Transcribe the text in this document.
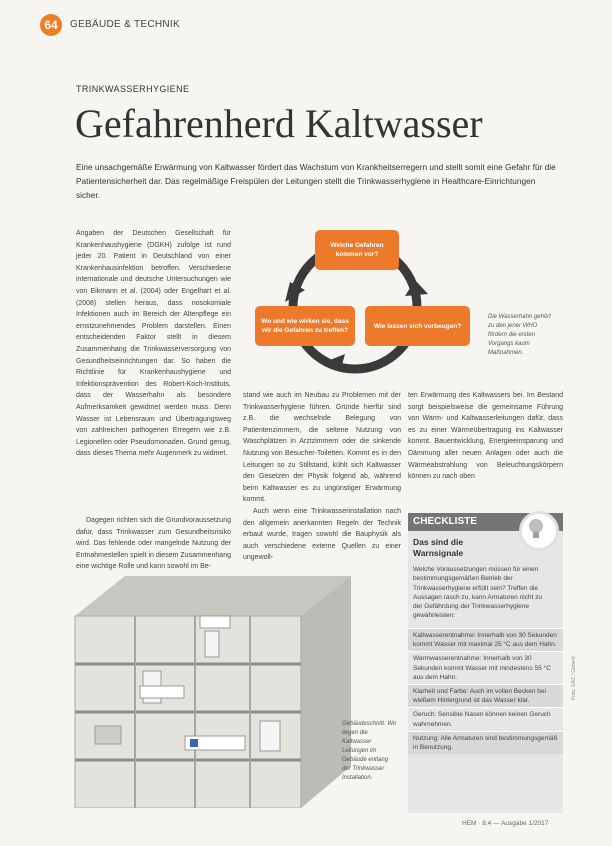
64	GEBÄUDE & TECHNIK
TRINKWASSERHYGIENE
Gefahrenherd Kaltwasser
Eine unsachgemäße Erwärmung von Kaltwasser fördert das Wachstum von Krankheitserregern und stellt somit eine Gefahr für die Patientensicherheit dar. Das regelmäßige Freispülen der Leitungen stellt die Trinkwasserhygiene in Healthcare-Einrichtungen sicher.

Angaben der Deutschen Gesellschaft für Krankenhaushygiene (DGKH) zufolge ist rund jeder 20. Patient in Deutschland von einer Krankenhausinfektion betroffen. Verschiedene internationale und deutsche Untersuchungen wie von Eikmann et al. (2004) oder Engelhart et al. (2008) stellen heraus, dass nosokomiale Infektionen auch im Bereich der Altenpflege ein ernstzunehmendes Problem darstellen. Einen entscheidenden Faktor stellt in diesem Zusammenhang die Trinkwasserversorgung von Gesundheitseinrichtungen dar. So haben die Richtlinie für Krankenhaushygiene und Infektionsprävention des Robert-Koch-Instituts, dass der Wasserhahn als besondere Aufmerksamkeit gewidmet werden muss. Denn Wasser ist Lebensraum und Übertragungsweg von zahlreichen pathogenen Erregern wie z.B. Legionellen oder Pseudomonaden. Grund genug, dass dieses Thema mehr Augenmerk zu widmet.

Dagegen richten sich die Grundvoraussetzung dafür, dass Trinkwasser zum Gesundheitsrisiko wird. Das fehlende oder mangelnde Nutzung der Entnahmestellen spielt in diesem Zusammenhang eine wichtige Rolle und kann sowohl im Be-

Welche Gefahren kommen vor?
Wo und wie wirken sie, dass wir die Gefahren zu treffen?
Wie lassen sich vorbeugen?
Die Wasserhahn gehört zu den jener WHO fördern die ersten Vorgangs kaum Maßnahmen.

stand wie auch im Neubau zu Problemen mit der Trinkwasserhygiene führen. Gründe hierfür sind z.B. die wechselnde Belegung von Patientenzimmern, die seltene Nutzung von Waschplätzen in Arztzimmern oder die sinkende Nutzung von Besucher-Toiletten. Kommt es in den Leitungen so zu Stillstand, kühlt sich Kaltwasser den Gesetzen der Physik folgend ab, während beim Kaltwasser es zu ungünstiger Erwärmung kommt.

Auch wenn eine Trinkwasserinstallation nach den allgemein anerkannten Regeln der Technik erbaut wurde, tragen sowohl die Bauphysik als auch verschiedene externe Quellen zu einer ungewoll-

ten Erwärmung des Kaltwassers bei. Im Bestand sorgt beispielsweise die gemeinsame Führung von Warm- und Kaltwasserleitungen dafür, dass es zu einer Wärmeübertragung ins Kaltwasser kommt. Bauentwicklung, Energieeinsparung und Dämmung aller neuen Anlagen oder auch die Wärmeabstrahlung von Beleuchtungskörpern können zu nach oben

Gebäudeschnitt: Wo liegen die Kaltwasser Leitungen im Gebäude entlang der Trinkwasser Installation.
CHECKLISTE
Das sind die Warnsignale
Welche Voraussetzungen müssen für einen bestimmungsgemäßen Betrieb der Trinkwasserhygiene erfüllt sein? Treffen die Aussagen rasch zu, kann Armaturen nicht zu der Gefährdung der Trinkwasserhygiene gewährleisten:
Kaltwasserentnahme: Innerhalb von 30 Sekunden kommt Wasser mit maximal 25 °C aus dem Hahn.
Warmwasserentnahme: Innerhalb von 30 Sekunden kommt Wasser mit mindestens 55 °C aus dem Hahn.
Klarheit und Farbe: Auch im vollen Becken bei weißem Hintergrund ist das Wasser klar.
Geruch: Sensible Nasen können keinen Geruch wahrnehmen.
Nutzung: Alle Armaturen sind bestimmungsgemäß in Benutzung.
Foto: GAZ / Geberit
HEM · 8.4 — Ausgabe 1/2017
